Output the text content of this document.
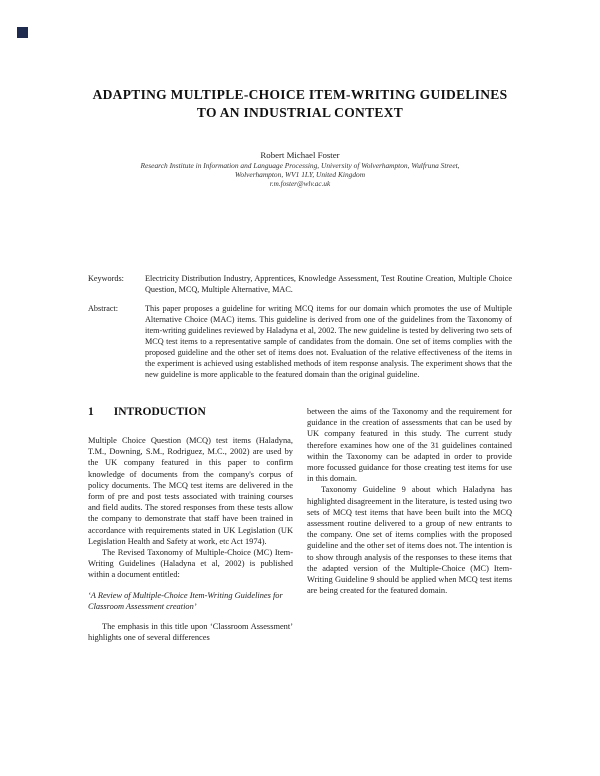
ADAPTING MULTIPLE-CHOICE ITEM-WRITING GUIDELINES
TO AN INDUSTRIAL CONTEXT
Robert Michael Foster
Research Institute in Information and Language Processing, University of Wolverhampton, Wulfruna Street,
Wolverhampton, WV1 1LY, United Kingdom
r.m.foster@wlv.ac.uk
Keywords:	Electricity Distribution Industry, Apprentices, Knowledge Assessment, Test Routine Creation, Multiple Choice Question, MCQ, Multiple Alternative, MAC.
Abstract:	This paper proposes a guideline for writing MCQ items for our domain which promotes the use of Multiple Alternative Choice (MAC) items. This guideline is derived from one of the guidelines from the Taxonomy of item-writing guidelines reviewed by Haladyna et al, 2002. The new guideline is tested by delivering two sets of MCQ test items to a representative sample of candidates from the domain. One set of items complies with the proposed guideline and the other set of items does not. Evaluation of the relative effectiveness of the items in the experiment is achieved using established methods of item response analysis. The experiment shows that the new guideline is more applicable to the featured domain than the original guideline.
1 INTRODUCTION

Multiple Choice Question (MCQ) test items (Haladyna, T.M., Downing, S.M., Rodriguez, M.C., 2002) are used by the UK company featured in this paper to confirm knowledge of documents from the company's corpus of policy documents. The MCQ test items are delivered in the form of pre and post tests associated with training courses and field audits. The stored responses from these tests allow the company to demonstrate that staff have been trained in accordance with requirements stated in UK Legislation (UK Legislation Health and Safety at work, etc Act 1974).

The Revised Taxonomy of Multiple-Choice (MC) Item-Writing Guidelines (Haladyna et al, 2002) is published within a document entitled:

‘A Review of Multiple-Choice Item-Writing Guidelines for Classroom Assessment creation’

The emphasis in this title upon ‘Classroom Assessment’ highlights one of several differences

between the aims of the Taxonomy and the requirement for guidance in the creation of assessments that can be used by UK company featured in this study. The current study therefore examines how one of the 31 guidelines contained within the Taxonomy can be adapted in order to provide more focussed guidance for those creating test items for use in this domain.

Taxonomy Guideline 9 about which Haladyna has highlighted disagreement in the literature, is tested using two sets of MCQ test items that have been built into the MCQ assessment routine delivered to a group of new entrants to the company. One set of items complies with the proposed guideline and the other set of items does not. The intention is to show through analysis of the responses to these items that the adapted version of the Multiple-Choice (MC) Item-Writing Guideline 9 should be applied when MCQ test items are being created for the featured domain.
